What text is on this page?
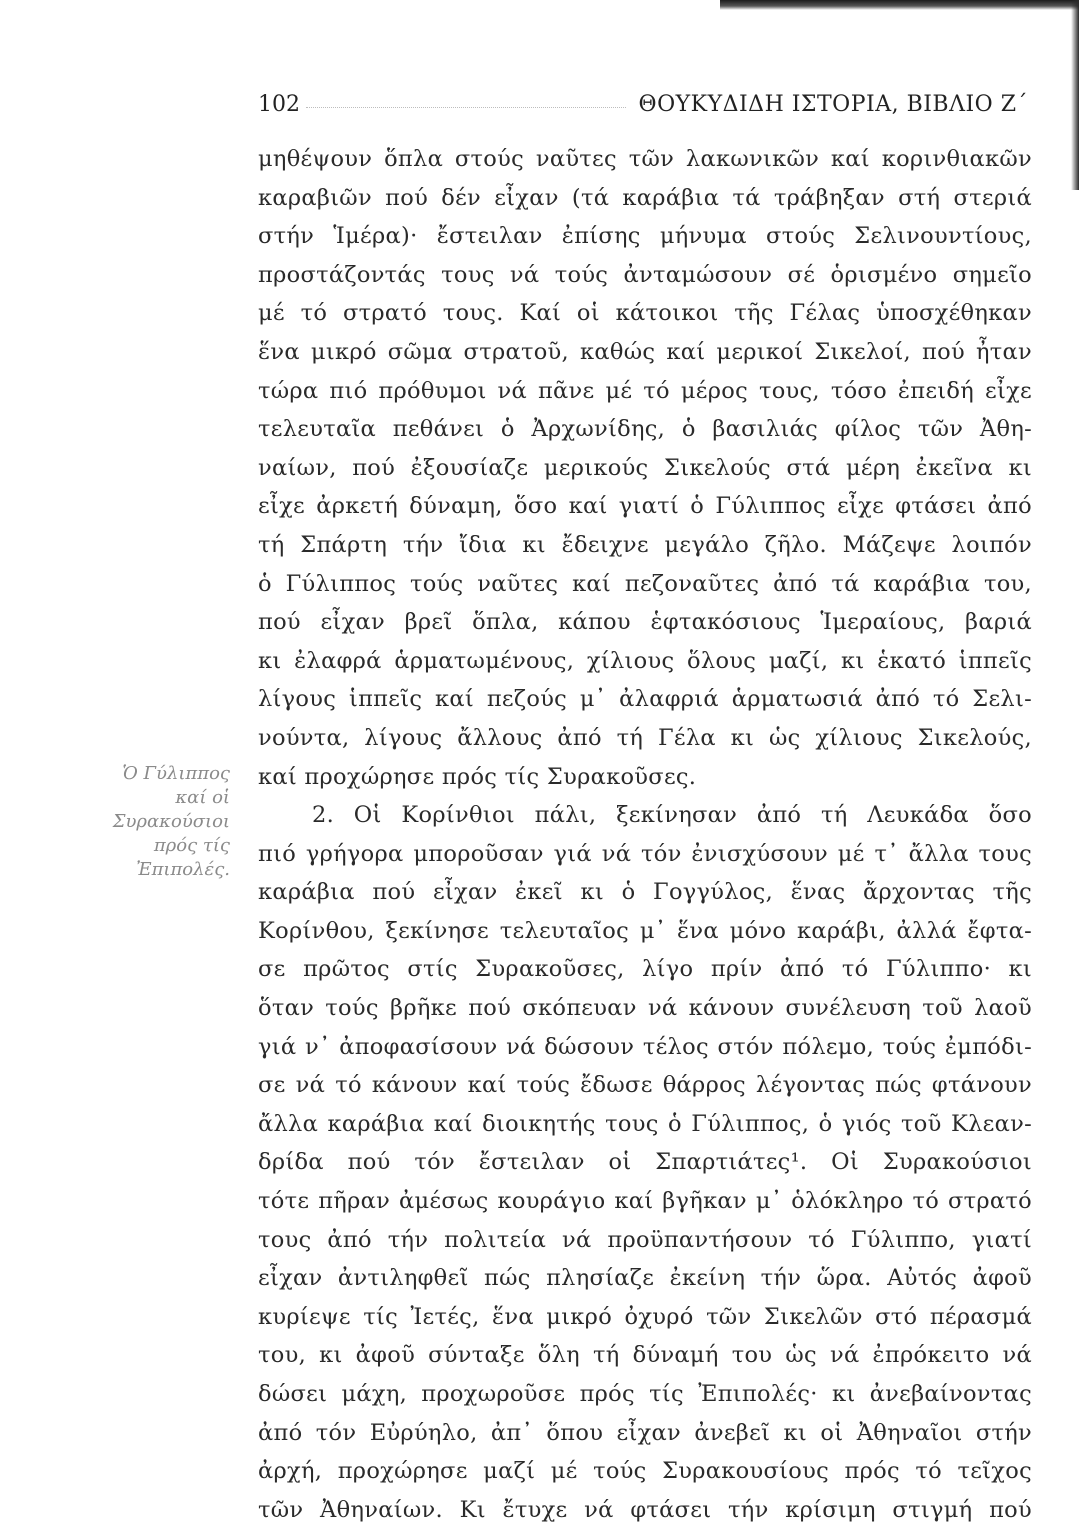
102	ΘΟΥΚΥΔΙΔΗ ΙΣΤΟΡΙΑ, ΒΙΒΛΙΟ Ζ΄
Ὁ Γύλιππος
καί οἱ
Συρακούσιοι
πρός τίς
Ἐπιπολές.
μηθέψουν ὅπλα στούς ναῦτες τῶν λακωνικῶν καί κορινθιακῶν
καραβιῶν πού δέν εἶχαν (τά καράβια τά τράβηξαν στή στεριά
στήν Ἱμέρα)· ἔστειλαν ἐπίσης μήνυμα στούς Σελινουντίους,
προστάζοντάς τους νά τούς ἀνταμώσουν σέ ὁρισμένο σημεῖο
μέ τό στρατό τους. Καί οἱ κάτοικοι τῆς Γέλας ὑποσχέθηκαν
ἕνα μικρό σῶμα στρατοῦ, καθώς καί μερικοί Σικελοί, πού ἦταν
τώρα πιό πρόθυμοι νά πᾶνε μέ τό μέρος τους, τόσο ἐπειδή εἶχε
τελευταῖα πεθάνει ὁ Ἀρχωνίδης, ὁ βασιλιάς φίλος τῶν Ἀθη-
ναίων, πού ἐξουσίαζε μερικούς Σικελούς στά μέρη ἐκεῖνα κι
εἶχε ἀρκετή δύναμη, ὅσο καί γιατί ὁ Γύλιππος εἶχε φτάσει ἀπό
τή Σπάρτη τήν ἴδια κι ἔδειχνε μεγάλο ζῆλο. Μάζεψε λοιπόν
ὁ Γύλιππος τούς ναῦτες καί πεζοναῦτες ἀπό τά καράβια του,
πού εἶχαν βρεῖ ὅπλα, κάπου ἑφτακόσιους Ἱμεραίους, βαριά
κι ἐλαφρά ἁρματωμένους, χίλιους ὅλους μαζί, κι ἑκατό ἱππεῖς
λίγους ἱππεῖς καί πεζούς μ᾽ ἀλαφριά ἁρματωσιά ἀπό τό Σελι-
νούντα, λίγους ἄλλους ἀπό τή Γέλα κι ὡς χίλιους Σικελούς,
καί προχώρησε πρός τίς Συρακοῦσες.
2. Οἱ Κορίνθιοι πάλι, ξεκίνησαν ἀπό τή Λευκάδα ὅσο
πιό γρήγορα μποροῦσαν γιά νά τόν ἐνισχύσουν μέ τ᾽ ἄλλα τους
καράβια πού εἶχαν ἐκεῖ κι ὁ Γογγύλος, ἕνας ἄρχοντας τῆς
Κορίνθου, ξεκίνησε τελευταῖος μ᾽ ἕνα μόνο καράβι, ἀλλά ἔφτα-
σε πρῶτος στίς Συρακοῦσες, λίγο πρίν ἀπό τό Γύλιππο· κι
ὅταν τούς βρῆκε πού σκόπευαν νά κάνουν συνέλευση τοῦ λαοῦ
γιά ν᾽ ἀποφασίσουν νά δώσουν τέλος στόν πόλεμο, τούς ἐμπόδι-
σε νά τό κάνουν καί τούς ἔδωσε θάρρος λέγοντας πώς φτάνουν
ἄλλα καράβια καί διοικητής τους ὁ Γύλιππος, ὁ γιός τοῦ Κλεαν-
δρίδα πού τόν ἔστειλαν οἱ Σπαρτιάτες¹. Οἱ Συρακούσιοι
τότε πῆραν ἀμέσως κουράγιο καί βγῆκαν μ᾽ ὁλόκληρο τό στρατό
τους ἀπό τήν πολιτεία νά προϋπαντήσουν τό Γύλιππο, γιατί
εἶχαν ἀντιληφθεῖ πώς πλησίαζε ἐκείνη τήν ὥρα. Αὐτός ἀφοῦ
κυρίεψε τίς Ἰετές, ἕνα μικρό ὀχυρό τῶν Σικελῶν στό πέρασμά
του, κι ἀφοῦ σύνταξε ὅλη τή δύναμή του ὡς νά ἐπρόκειτο νά
δώσει μάχη, προχωροῦσε πρός τίς Ἐπιπολές· κι ἀνεβαίνοντας
ἀπό τόν Εὐρύηλο, ἀπ᾽ ὅπου εἶχαν ἀνεβεῖ κι οἱ Ἀθηναῖοι στήν
ἀρχή, προχώρησε μαζί μέ τούς Συρακουσίους πρός τό τεῖχος
τῶν Ἀθηναίων. Κι ἔτυχε νά φτάσει τήν κρίσιμη στιγμή πού
